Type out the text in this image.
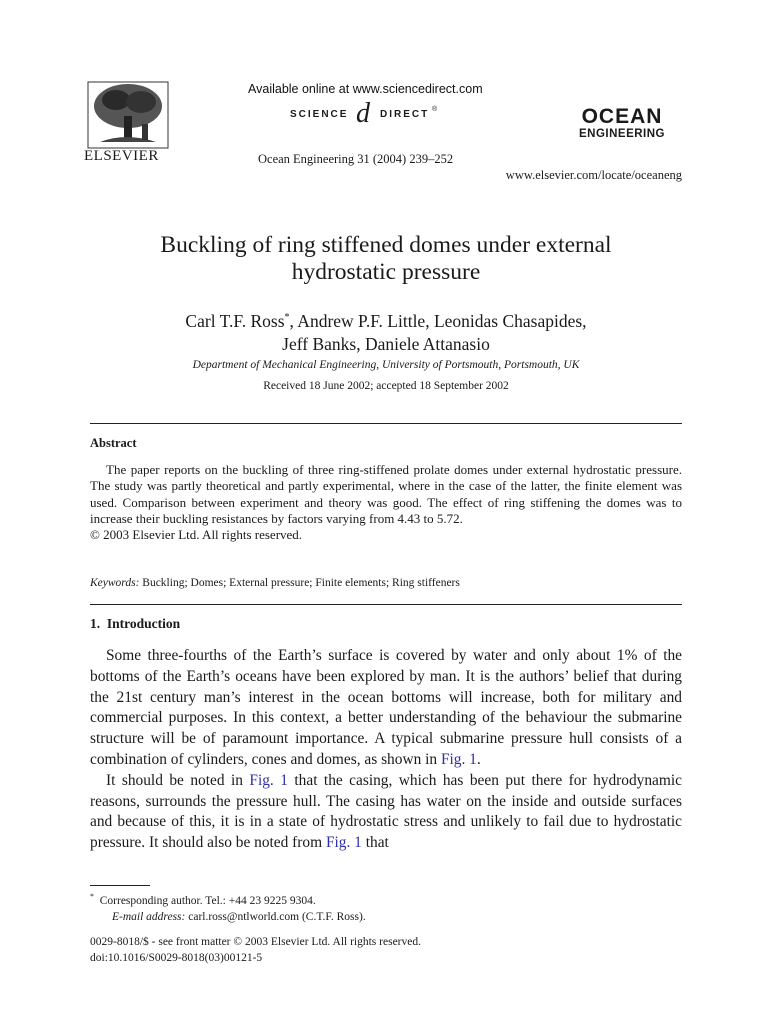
ELSEVIER
Available online at www.sciencedirect.com
SCIENCE d DIRECT ®
Ocean Engineering 31 (2004) 239–252
OCEAN
ENGINEERING
www.elsevier.com/locate/oceaneng
Buckling of ring stiffened domes under external
hydrostatic pressure
Carl T.F. Ross*, Andrew P.F. Little, Leonidas Chasapides,
Jeff Banks, Daniele Attanasio
Department of Mechanical Engineering, University of Portsmouth, Portsmouth, UK
Received 18 June 2002; accepted 18 September 2002
Abstract

The paper reports on the buckling of three ring-stiffened prolate domes under external hydrostatic pressure. The study was partly theoretical and partly experimental, where in the case of the latter, the finite element was used. Comparison between experiment and theory was good. The effect of ring stiffening the domes was to increase their buckling resistances by factors varying from 4.43 to 5.72.

© 2003 Elsevier Ltd. All rights reserved.

Keywords: Buckling; Domes; External pressure; Finite elements; Ring stiffeners
1.  Introduction

Some three-fourths of the Earth’s surface is covered by water and only about 1% of the bottoms of the Earth’s oceans have been explored by man. It is the authors’ belief that during the 21st century man’s interest in the ocean bottoms will increase, both for military and commercial purposes. In this context, a better understanding of the behaviour the submarine structure will be of paramount importance. A typical submarine pressure hull consists of a combination of cylinders, cones and domes, as shown in Fig. 1.

It should be noted in Fig. 1 that the casing, which has been put there for hydrodynamic reasons, surrounds the pressure hull. The casing has water on the inside and outside surfaces and because of this, it is in a state of hydrostatic stress and unlikely to fail due to hydrostatic pressure. It should also be noted from Fig. 1 that

* Corresponding author. Tel.: +44 23 9225 9304.
E-mail address: carl.ross@ntlworld.com (C.T.F. Ross).
0029-8018/$ - see front matter © 2003 Elsevier Ltd. All rights reserved.
doi:10.1016/S0029-8018(03)00121-5
